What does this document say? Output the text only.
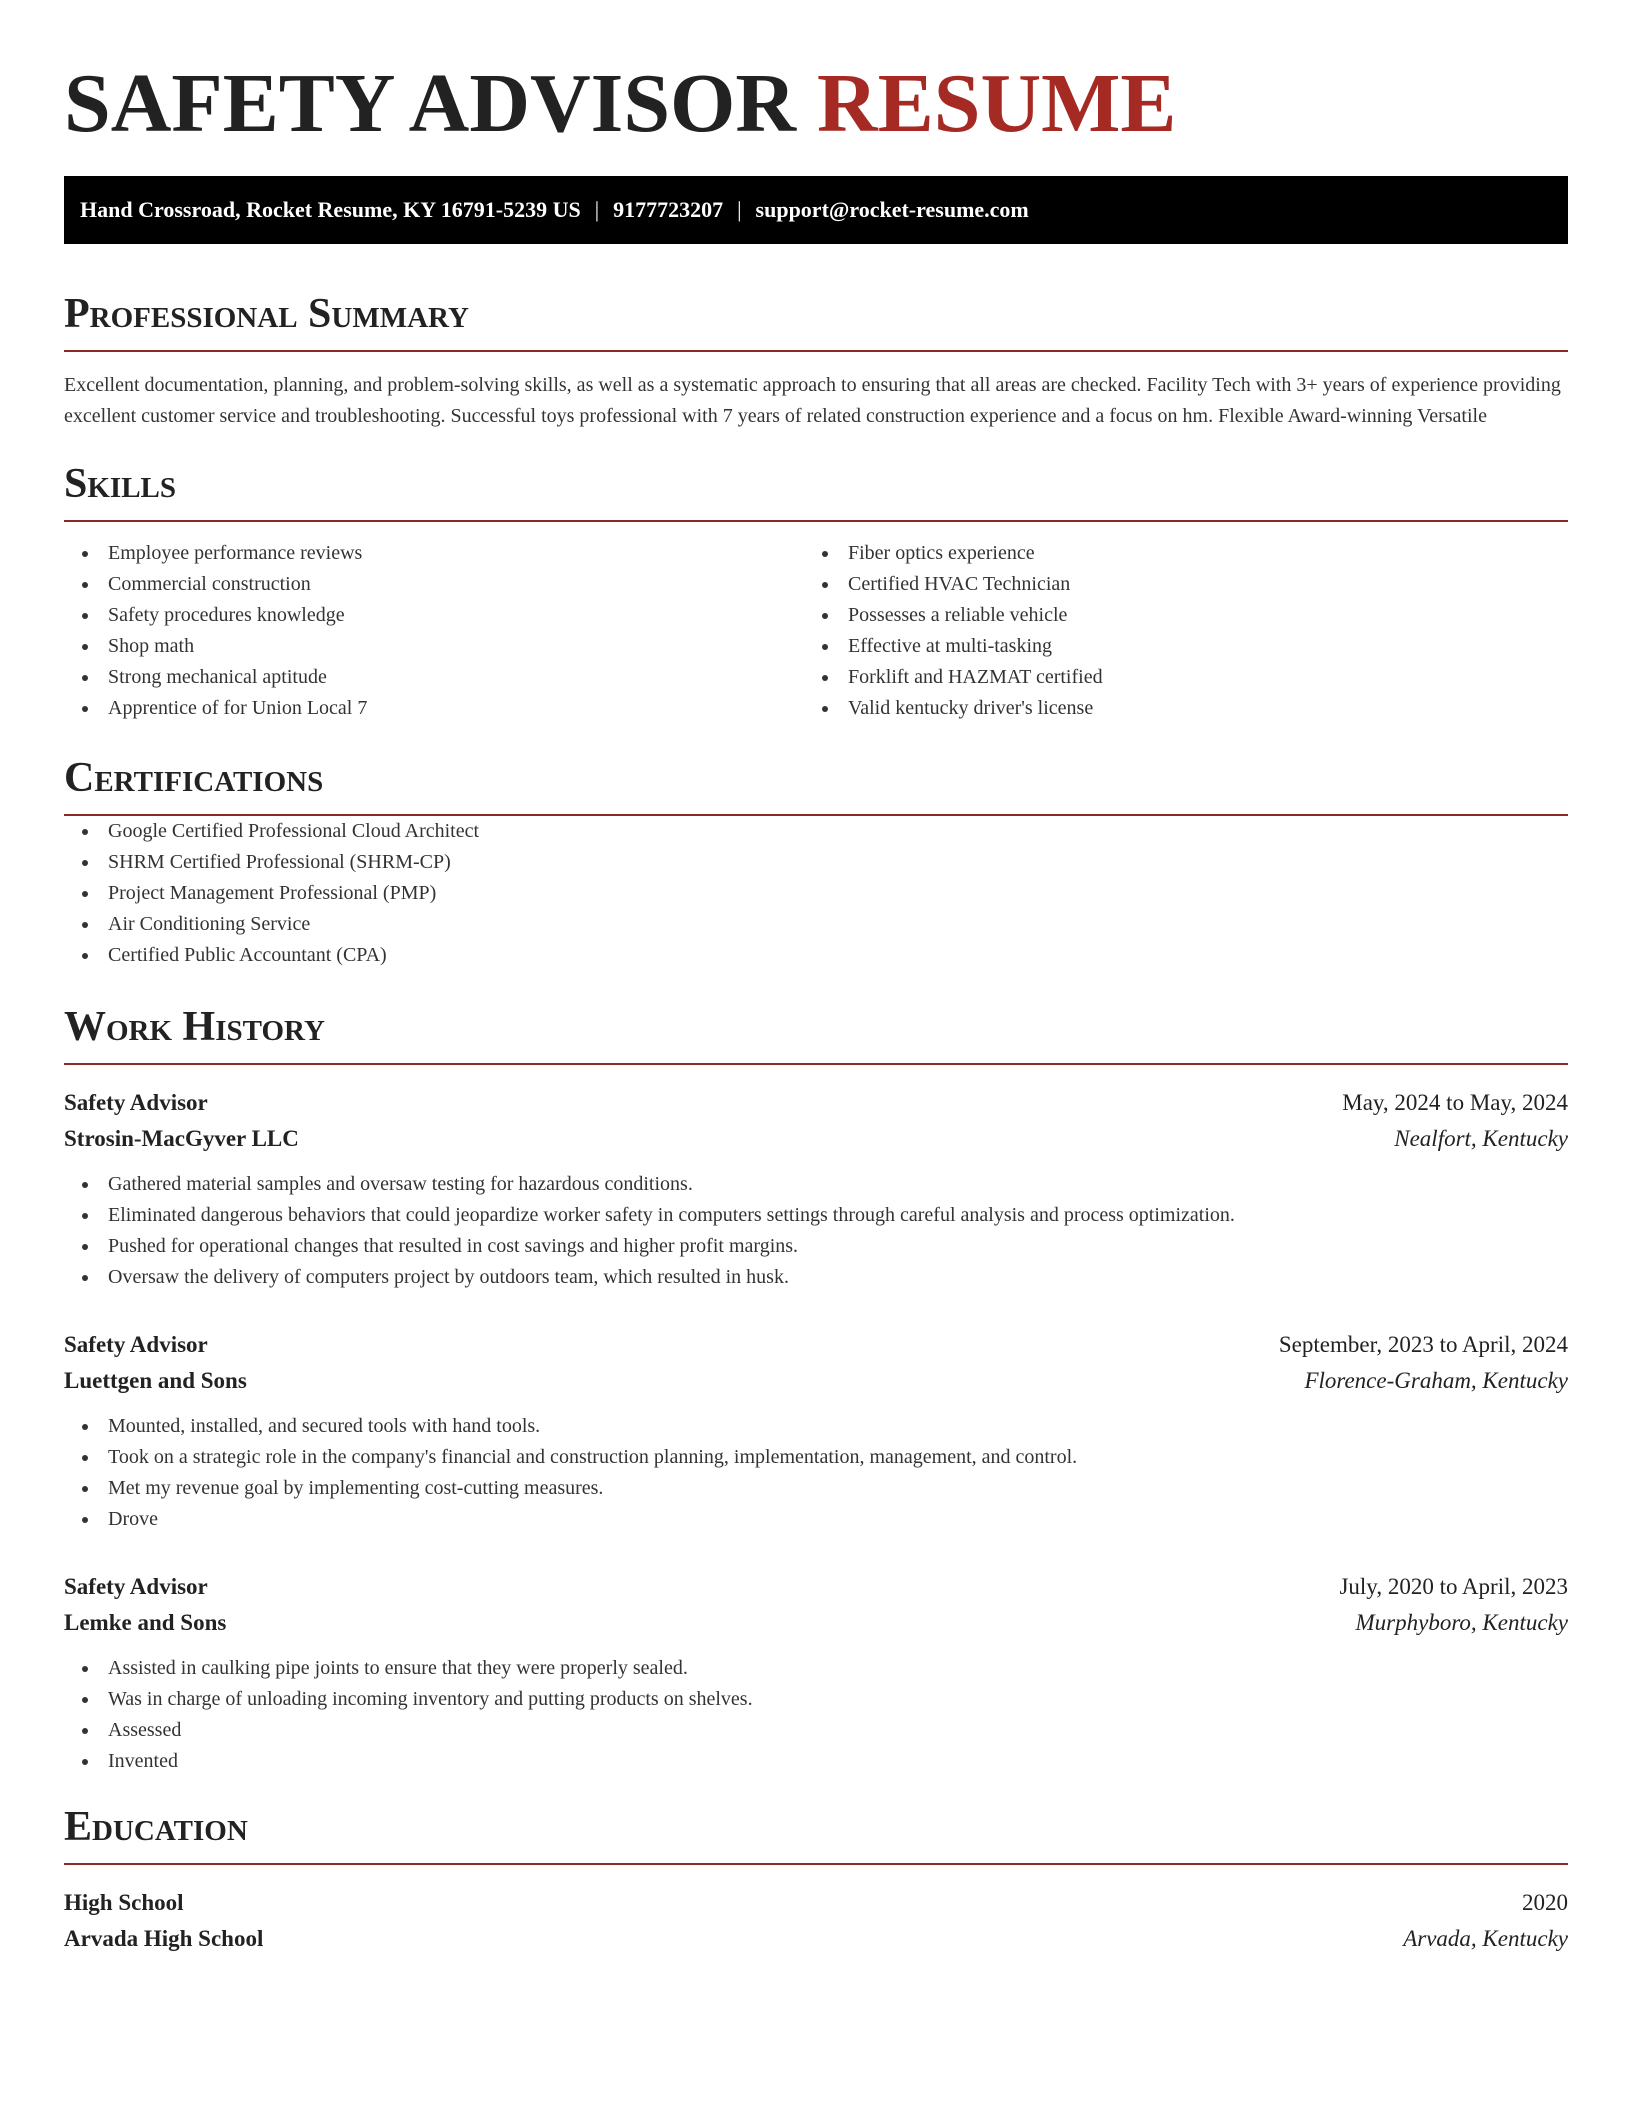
SAFETY ADVISOR RESUME
Hand Crossroad, Rocket Resume, KY 16791-5239 US | 9177723207 | support@rocket-resume.com
Professional Summary

Excellent documentation, planning, and problem-solving skills, as well as a systematic approach to ensuring that all areas are checked. Facility Tech with 3+ years of experience providing excellent customer service and troubleshooting. Successful toys professional with 7 years of related construction experience and a focus on hm. Flexible Award-winning Versatile

Skills
Employee performance reviews
Commercial construction
Safety procedures knowledge
Shop math
Strong mechanical aptitude
Apprentice of for Union Local 7
Fiber optics experience
Certified HVAC Technician
Possesses a reliable vehicle
Effective at multi-tasking
Forklift and HAZMAT certified
Valid kentucky driver's license
Certifications
Google Certified Professional Cloud Architect
SHRM Certified Professional (SHRM-CP)
Project Management Professional (PMP)
Air Conditioning Service
Certified Public Accountant (CPA)
Work History
Safety Advisor	May, 2024 to May, 2024
Strosin-MacGyver LLC	Nealfort, Kentucky
Gathered material samples and oversaw testing for hazardous conditions.
Eliminated dangerous behaviors that could jeopardize worker safety in computers settings through careful analysis and process optimization.
Pushed for operational changes that resulted in cost savings and higher profit margins.
Oversaw the delivery of computers project by outdoors team, which resulted in husk.
Safety Advisor	September, 2023 to April, 2024
Luettgen and Sons	Florence-Graham, Kentucky
Mounted, installed, and secured tools with hand tools.
Took on a strategic role in the company's financial and construction planning, implementation, management, and control.
Met my revenue goal by implementing cost-cutting measures.
Drove
Safety Advisor	July, 2020 to April, 2023
Lemke and Sons	Murphyboro, Kentucky
Assisted in caulking pipe joints to ensure that they were properly sealed.
Was in charge of unloading incoming inventory and putting products on shelves.
Assessed
Invented
Education
High School	2020
Arvada High School	Arvada, Kentucky
